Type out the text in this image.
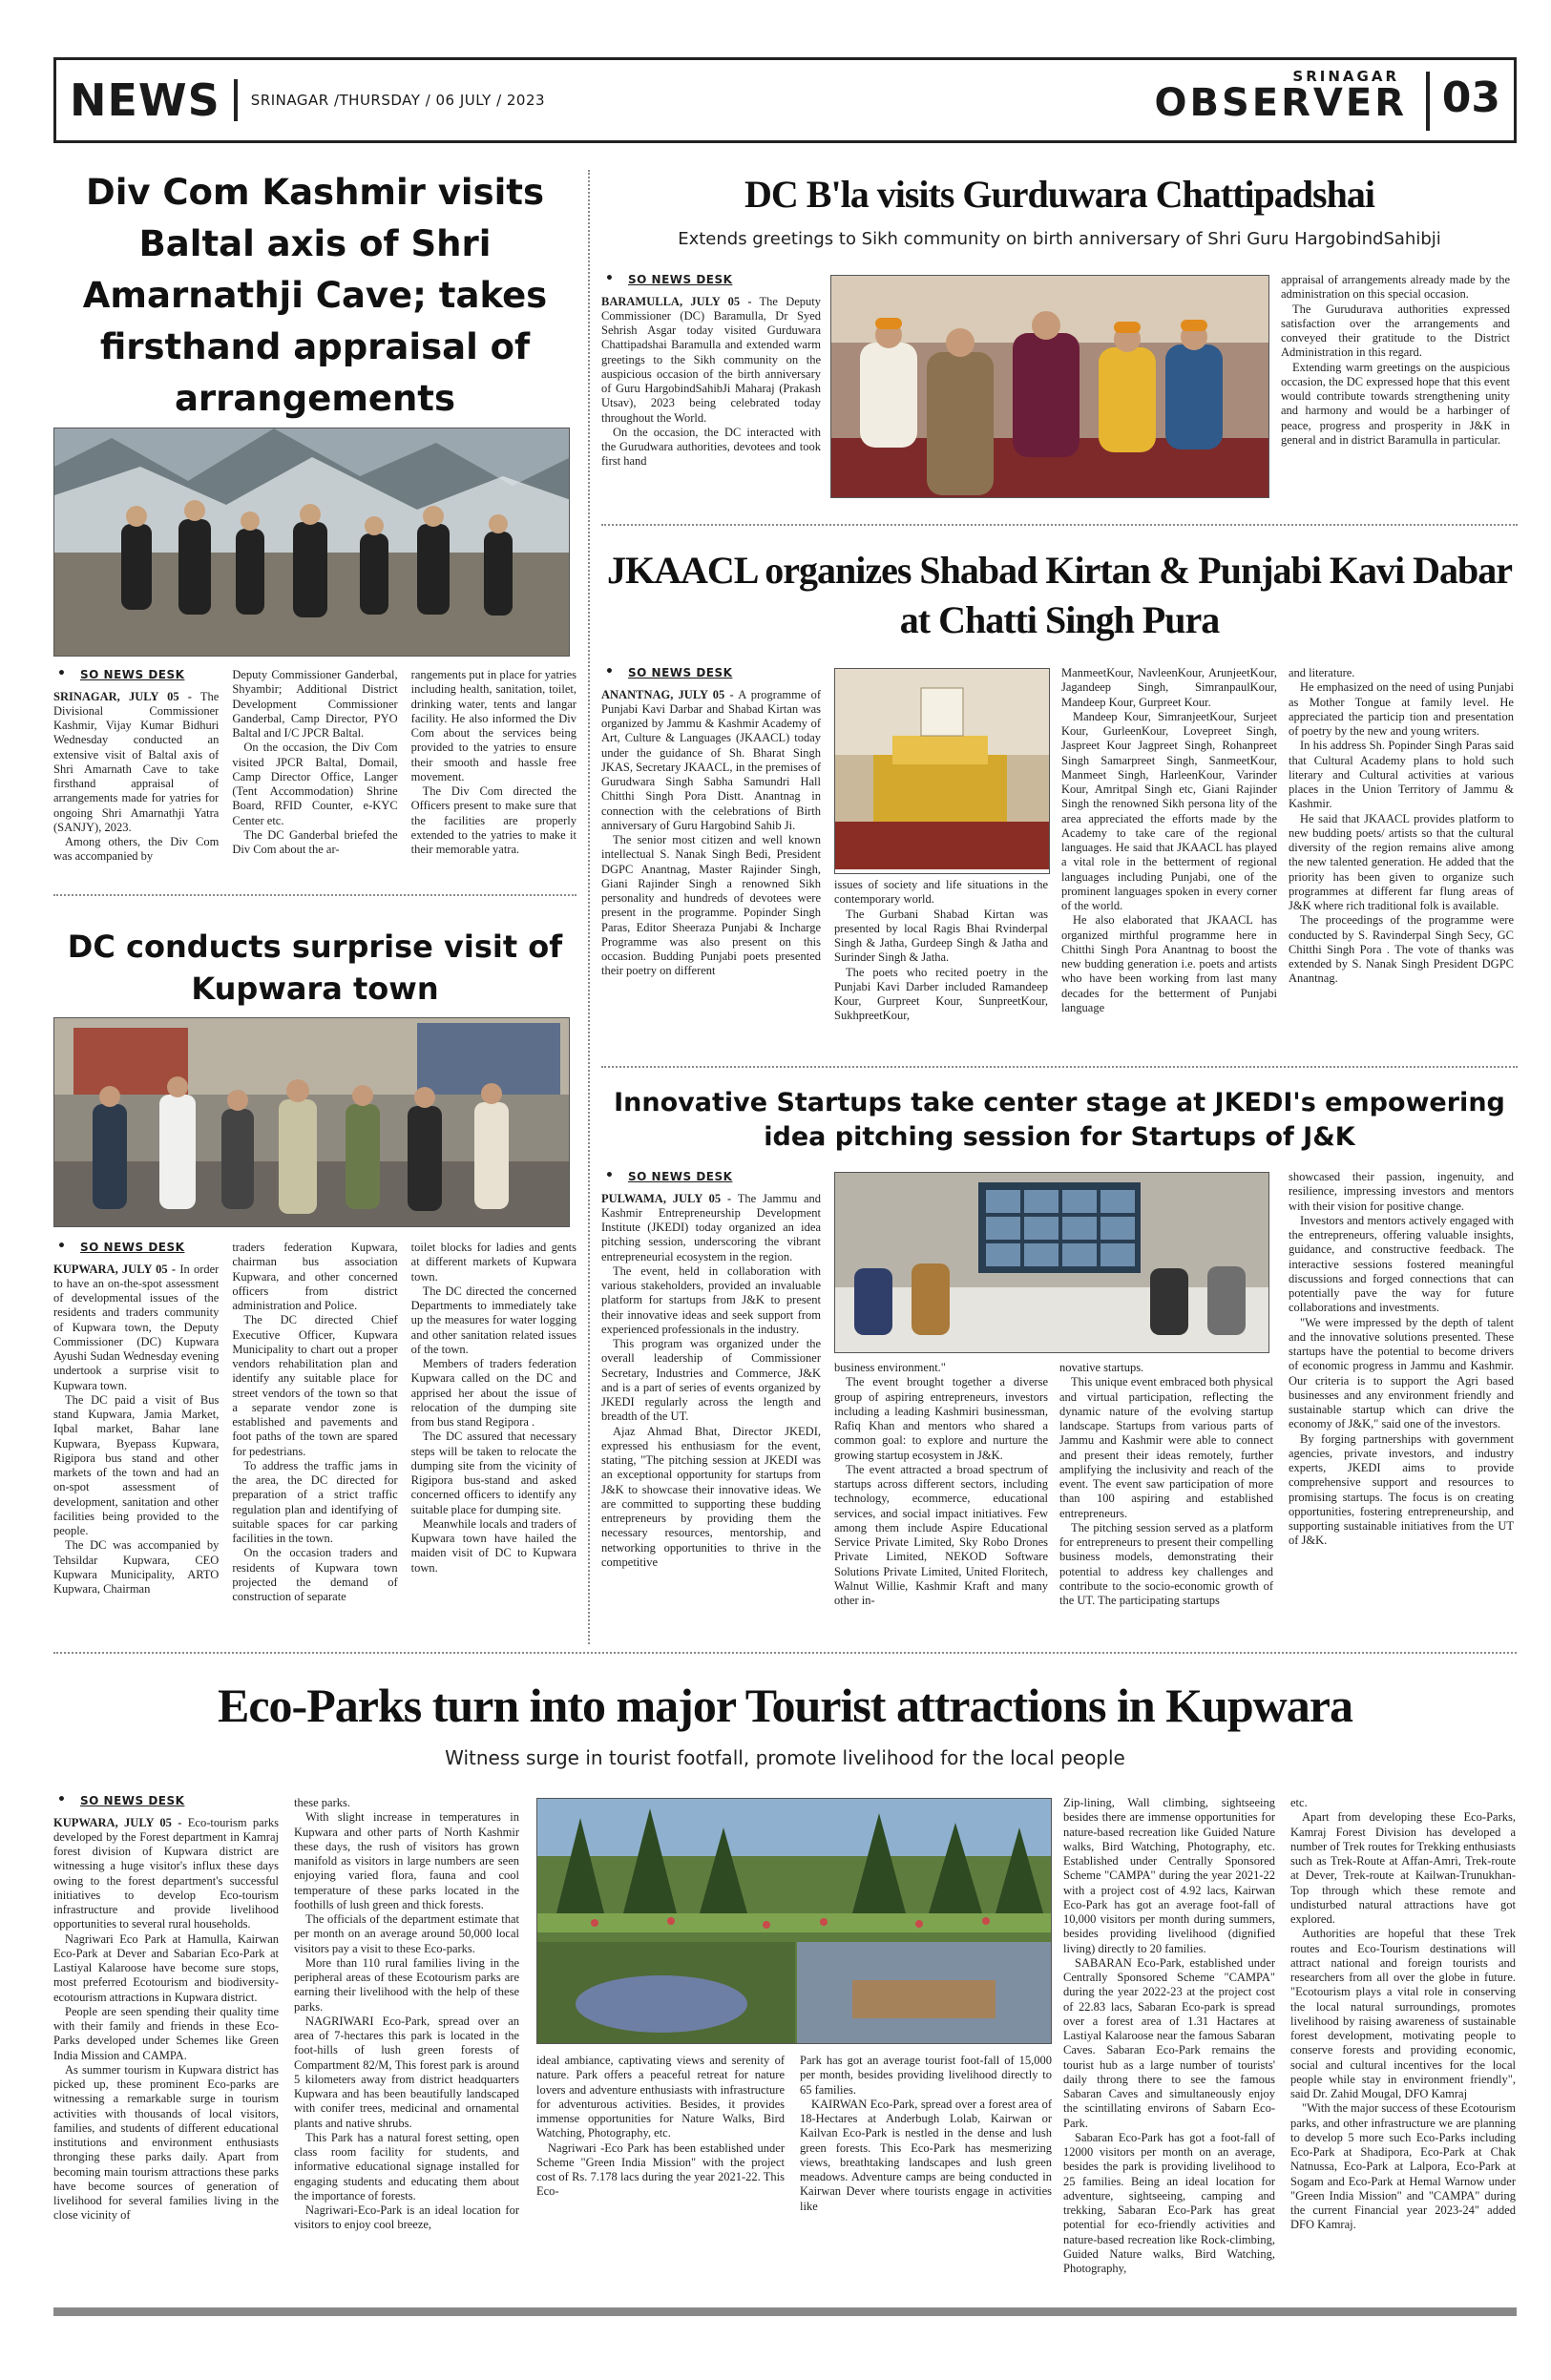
NEWS SRINAGAR /THURSDAY / 06 JULY / 2023
SRINAGAR
OBSERVER 03
Div Com Kashmir visits Baltal axis of Shri Amarnathji Cave; takes firsthand appraisal of arrangements
• SO NEWS DESK

SRINAGAR, JULY 05 - The Divisional Commissioner Kashmir, Vijay Kumar Bidhuri Wednesday conducted an extensive visit of Baltal axis of Shri Amarnath Cave to take firsthand appraisal of arrangements made for yatries for ongoing Shri Amarnathji Yatra (SANJY), 2023.

Among others, the Div Com was accompanied by

Deputy Commissioner Ganderbal, Shyambir; Additional District Development Commissioner Ganderbal, Camp Director, PYO Baltal and I/C JPCR Baltal.

On the occasion, the Div Com visited JPCR Baltal, Domail, Camp Director Office, Langer (Tent Accommodation) Shrine Board, RFID Counter, e-KYC Center etc.

The DC Ganderbal briefed the Div Com about the ar-

rangements put in place for yatries including health, sanitation, toilet, drinking water, tents and langar facility. He also informed the Div Com about the services being provided to the yatries to ensure their smooth and hassle free movement.

The Div Com directed the Officers present to make sure that the facilities are properly extended to the yatries to make it their memorable yatra.

DC conducts surprise visit of Kupwara town
• SO NEWS DESK

KUPWARA, JULY 05 - In order to have an on-the-spot assessment of developmental issues of the residents and traders community of Kupwara town, the Deputy Commissioner (DC) Kupwara Ayushi Sudan Wednesday evening undertook a surprise visit to Kupwara town.

The DC paid a visit of Bus stand Kupwara, Jamia Market, Iqbal market, Bahar lane Kupwara, Byepass Kupwara, Rigipora bus stand and other markets of the town and had an on-spot assessment of development, sanitation and other facilities being provided to the people.

The DC was accompanied by Tehsildar Kupwara, CEO Kupwara Municipality, ARTO Kupwara, Chairman

traders federation Kupwara, chairman bus association Kupwara, and other concerned officers from district administration and Police.

The DC directed Chief Executive Officer, Kupwara Municipality to chart out a proper vendors rehabilitation plan and identify any suitable place for street vendors of the town so that a separate vendor zone is established and pavements and foot paths of the town are spared for pedestrians.

To address the traffic jams in the area, the DC directed for preparation of a strict traffic regulation plan and identifying of suitable spaces for car parking facilities in the town.

On the occasion traders and residents of Kupwara town projected the demand of construction of separate

toilet blocks for ladies and gents at different markets of Kupwara town.

The DC directed the concerned Departments to immediately take up the measures for water logging and other sanitation related issues of the town.

Members of traders federation Kupwara called on the DC and apprised her about the issue of relocation of the dumping site from bus stand Regipora .

The DC assured that necessary steps will be taken to relocate the dumping site from the vicinity of Rigipora bus-stand and asked concerned officers to identify any suitable place for dumping site.

Meanwhile locals and traders of Kupwara town have hailed the maiden visit of DC to Kupwara town.

DC B'la visits Gurduwara Chattipadshai
Extends greetings to Sikh community on birth anniversary of Shri Guru HargobindSahibji
• SO NEWS DESK

BARAMULLA, JULY 05 - The Deputy Commissioner (DC) Baramulla, Dr Syed Sehrish Asgar today visited Gurduwara Chattipadshai Baramulla and extended warm greetings to the Sikh community on the auspicious occasion of the birth anniversary of Guru HargobindSahibJi Maharaj (Prakash Utsav), 2023 being celebrated today throughout the World.

On the occasion, the DC interacted with the Gurudwara authorities, devotees and took first hand

appraisal of arrangements already made by the administration on this special occasion.

The Gurudurava authorities expressed satisfaction over the arrangements and conveyed their gratitude to the District Administration in this regard.

Extending warm greetings on the auspicious occasion, the DC expressed hope that this event would contribute towards strengthening unity and harmony and would be a harbinger of peace, progress and prosperity in J&K in general and in district Baramulla in particular.

JKAACL organizes Shabad Kirtan & Punjabi Kavi Dabar at Chatti Singh Pura
• SO NEWS DESK

ANANTNAG, JULY 05 - A programme of Punjabi Kavi Darbar and Shabad Kirtan was organized by Jammu & Kashmir Academy of Art, Culture & Languages (JKAACL) today under the guidance of Sh. Bharat Singh JKAS, Secretary JKAACL, in the premises of Gurudwara Singh Sabha Samundri Hall Chitthi Singh Pora Distt. Anantnag in connection with the celebrations of Birth anniversary of Guru Hargobind Sahib Ji.

The senior most citizen and well known intellectual S. Nanak Singh Bedi, President DGPC Anantnag, Master Rajinder Singh, Giani Rajinder Singh a renowned Sikh personality and hundreds of devotees were present in the programme. Popinder Singh Paras, Editor Sheeraza Punjabi & Incharge Programme was also present on this occasion. Budding Punjabi poets presented their poetry on different

issues of society and life situations in the contemporary world.

The Gurbani Shabad Kirtan was presented by local Ragis Bhai Rvinderpal Singh & Jatha, Gurdeep Singh & Jatha and Surinder Singh & Jatha.

The poets who recited poetry in the Punjabi Kavi Darber included Ramandeep Kour, Gurpreet Kour, SunpreetKour, SukhpreetKour,

ManmeetKour, NavleenKour, ArunjeetKour, Jagandeep Singh, SimranpaulKour, Mandeep Kour, Gurpreet Kour.

Mandeep Kour, SimranjeetKour, Surjeet Kour, GurleenKour, Lovepreet Singh, Jaspreet Kour Jagpreet Singh, Rohanpreet Singh Samarpreet Singh, SanmeetKour, Manmeet Singh, HarleenKour, Varinder Kour, Amritpal Singh etc, Giani Rajinder Singh the renowned Sikh persona lity of the area appreciated the efforts made by the Academy to take care of the regional languages. He said that JKAACL has played a vital role in the betterment of regional languages including Punjabi, one of the prominent languages spoken in every corner of the world.

He also elaborated that JKAACL has organized mirthful programme here in Chitthi Singh Pora Anantnag to boost the new budding generation i.e. poets and artists who have been working from last many decades for the betterment of Punjabi language

and literature.

He emphasized on the need of using Punjabi as Mother Tongue at family level. He appreciated the particip tion and presentation of poetry by the new and young writers.

In his address Sh. Popinder Singh Paras said that Cultural Academy plans to hold such literary and Cultural activities at various places in the Union Territory of Jammu & Kashmir.

He said that JKAACL provides platform to new budding poets/ artists so that the cultural diversity of the region remains alive among the new talented generation. He added that the priority has been given to organize such programmes at different far flung areas of J&K where rich traditional folk is available.

The proceedings of the programme were conducted by S. Ravinderpal Singh Secy, GC Chitthi Singh Pora . The vote of thanks was extended by S. Nanak Singh President DGPC Anantnag.

Innovative Startups take center stage at JKEDI's empowering idea pitching session for Startups of J&K
• SO NEWS DESK

PULWAMA, JULY 05 - The Jammu and Kashmir Entrepreneurship Development Institute (JKEDI) today organized an idea pitching session, underscoring the vibrant entrepreneurial ecosystem in the region.

The event, held in collaboration with various stakeholders, provided an invaluable platform for startups from J&K to present their innovative ideas and seek support from experienced professionals in the industry.

This program was organized under the overall leadership of Commissioner Secretary, Industries and Commerce, J&K and is a part of series of events organized by JKEDI regularly across the length and breadth of the UT.

Ajaz Ahmad Bhat, Director JKEDI, expressed his enthusiasm for the event, stating, "The pitching session at JKEDI was an exceptional opportunity for startups from J&K to showcase their innovative ideas. We are committed to supporting these budding entrepreneurs by providing them the necessary resources, mentorship, and networking opportunities to thrive in the competitive

business environment."

The event brought together a diverse group of aspiring entrepreneurs, investors including a leading Kashmiri businessman, Rafiq Khan and mentors who shared a common goal: to explore and nurture the growing startup ecosystem in J&K.

The event attracted a broad spectrum of startups across different sectors, including technology, ecommerce, educational services, and social impact initiatives. Few among them include Aspire Educational Service Private Limited, Sky Robo Drones Private Limited, NEKOD Software Solutions Private Limited, United Floritech, Walnut Willie, Kashmir Kraft and many other in-

novative startups.

This unique event embraced both physical and virtual participation, reflecting the dynamic nature of the evolving startup landscape. Startups from various parts of Jammu and Kashmir were able to connect and present their ideas remotely, further amplifying the inclusivity and reach of the event. The event saw participation of more than 100 aspiring and established entrepreneurs.

The pitching session served as a platform for entrepreneurs to present their compelling business models, demonstrating their potential to address key challenges and contribute to the socio-economic growth of the UT. The participating startups

showcased their passion, ingenuity, and resilience, impressing investors and mentors with their vision for positive change.

Investors and mentors actively engaged with the entrepreneurs, offering valuable insights, guidance, and constructive feedback. The interactive sessions fostered meaningful discussions and forged connections that can potentially pave the way for future collaborations and investments.

"We were impressed by the depth of talent and the innovative solutions presented. These startups have the potential to become drivers of economic progress in Jammu and Kashmir. Our criteria is to support the Agri based businesses and any environment friendly and sustainable startup which can drive the economy of J&K," said one of the investors.

By forging partnerships with government agencies, private investors, and industry experts, JKEDI aims to provide comprehensive support and resources to promising startups. The focus is on creating opportunities, fostering entrepreneurship, and supporting sustainable initiatives from the UT of J&K.

Eco-Parks turn into major Tourist attractions in Kupwara
Witness surge in tourist footfall, promote livelihood for the local people
• SO NEWS DESK

KUPWARA, JULY 05 - Eco-tourism parks developed by the Forest department in Kamraj forest division of Kupwara district are witnessing a huge visitor's influx these days owing to the forest department's successful initiatives to develop Eco-tourism infrastructure and provide livelihood opportunities to several rural households.

Nagriwari Eco Park at Hamulla, Kairwan Eco-Park at Dever and Sabarian Eco-Park at Lastiyal Kalaroose have become sure stops, most preferred Ecotourism and biodiversity-ecotourism attractions in Kupwara district.

People are seen spending their quality time with their family and friends in these Eco-Parks developed under Schemes like Green India Mission and CAMPA.

As summer tourism in Kupwara district has picked up, these prominent Eco-parks are witnessing a remarkable surge in tourism activities with thousands of local visitors, families, and students of different educational institutions and environment enthusiasts thronging these parks daily. Apart from becoming main tourism attractions these parks have become sources of generation of livelihood for several families living in the close vicinity of

these parks.

With slight increase in temperatures in Kupwara and other parts of North Kashmir these days, the rush of visitors has grown manifold as visitors in large numbers are seen enjoying varied flora, fauna and cool temperature of these parks located in the foothills of lush green and thick forests.

The officials of the department estimate that per month on an average around 50,000 local visitors pay a visit to these Eco-parks.

More than 110 rural families living in the peripheral areas of these Ecotourism parks are earning their livelihood with the help of these parks.

NAGRIWARI Eco-Park, spread over an area of 7-hectares this park is located in the foot-hills of lush green forests of Compartment 82/M, This forest park is around 5 kilometers away from district headquarters Kupwara and has been beautifully landscaped with conifer trees, medicinal and ornamental plants and native shrubs.

This Park has a natural forest setting, open class room facility for students, and informative educational signage installed for engaging students and educating them about the importance of forests.

Nagriwari-Eco-Park is an ideal location for visitors to enjoy cool breeze,

ideal ambiance, captivating views and serenity of nature. Park offers a peaceful retreat for nature lovers and adventure enthusiasts with infrastructure for adventurous activities. Besides, it provides immense opportunities for Nature Walks, Bird Watching, Photography, etc.

Nagriwari -Eco Park has been established under Scheme "Green India Mission" with the project cost of Rs. 7.178 lacs during the year 2021-22. This Eco-

Park has got an average tourist foot-fall of 15,000 per month, besides providing livelihood directly to 65 families.

KAIRWAN Eco-Park, spread over a forest area of 18-Hectares at Anderbugh Lolab, Kairwan or Kailvan Eco-Park is nestled in the dense and lush green forests. This Eco-Park has mesmerizing views, breathtaking landscapes and lush green meadows. Adventure camps are being conducted in Kairwan Dever where tourists engage in activities like

Zip-lining, Wall climbing, sightseeing besides there are immense opportunities for nature-based recreation like Guided Nature walks, Bird Watching, Photography, etc. Established under Centrally Sponsored Scheme "CAMPA" during the year 2021-22 with a project cost of 4.92 lacs, Kairwan Eco-Park has got an average foot-fall of 10,000 visitors per month during summers, besides providing livelihood (dignified living) directly to 20 families.

SABARAN Eco-Park, established under Centrally Sponsored Scheme "CAMPA" during the year 2022-23 at the project cost of 22.83 lacs, Sabaran Eco-park is spread over a forest area of 1.31 Hactares at Lastiyal Kalaroose near the famous Sabaran Caves. Sabaran Eco-Park remains the tourist hub as a large number of tourists' daily throng there to see the famous Sabaran Caves and simultaneously enjoy the scintillating environs of Sabarn Eco-Park.

Sabaran Eco-Park has got a foot-fall of 12000 visitors per month on an average, besides the park is providing livelihood to 25 families. Being an ideal location for adventure, sightseeing, camping and trekking, Sabaran Eco-Park has great potential for eco-friendly activities and nature-based recreation like Rock-climbing, Guided Nature walks, Bird Watching, Photography,

etc.

Apart from developing these Eco-Parks, Kamraj Forest Division has developed a number of Trek routes for Trekking enthusiasts such as Trek-Route at Affan-Amri, Trek-route at Dever, Trek-route at Kailwan-Trunukhan-Top through which these remote and undisturbed natural attractions have got explored.

Authorities are hopeful that these Trek routes and Eco-Tourism destinations will attract national and foreign tourists and researchers from all over the globe in future. "Ecotourism plays a vital role in conserving the local natural surroundings, promotes livelihood by raising awareness of sustainable forest development, motivating people to conserve forests and providing economic, social and cultural incentives for the local people while stay in environment friendly", said Dr. Zahid Mougal, DFO Kamraj

"With the major success of these Ecotourism parks, and other infrastructure we are planning to develop 5 more such Eco-Parks including Eco-Park at Shadipora, Eco-Park at Chak Natnussa, Eco-Park at Lalpora, Eco-Park at Sogam and Eco-Park at Hemal Warnow under "Green India Mission" and "CAMPA" during the current Financial year 2023-24" added DFO Kamraj.
